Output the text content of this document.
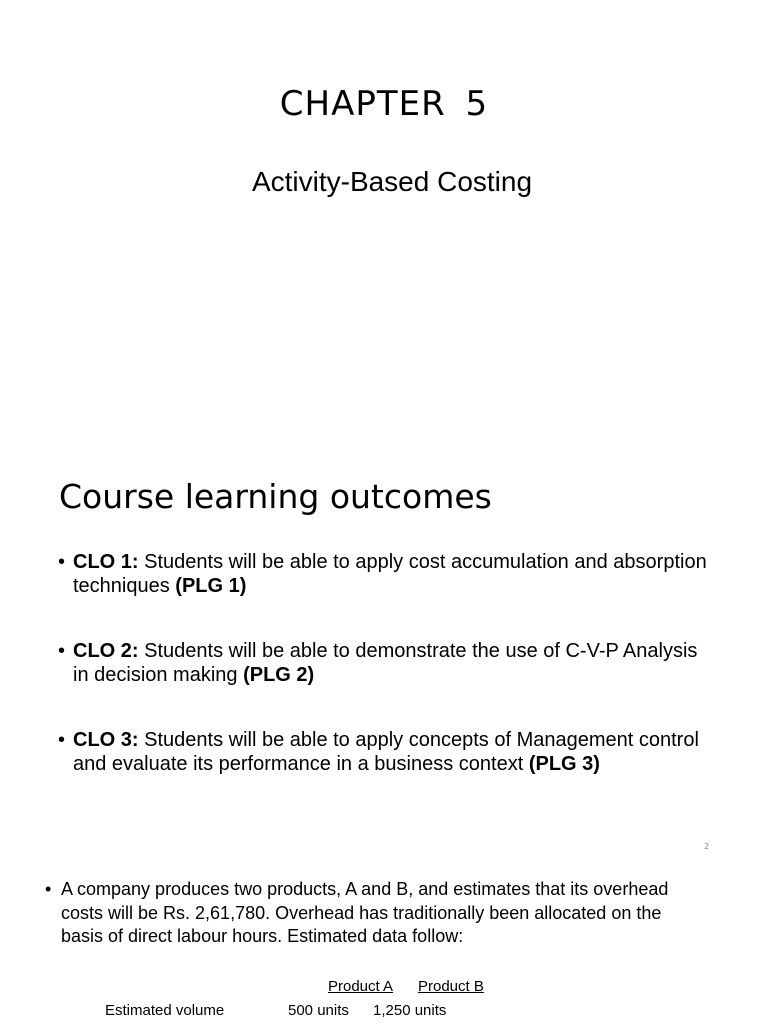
CHAPTER 5
Activity-Based Costing
Course learning outcomes
• CLO 1: Students will be able to apply cost accumulation and absorption techniques (PLG 1)
• CLO 2: Students will be able to demonstrate the use of C-V-P Analysis in decision making (PLG 2)
• CLO 3: Students will be able to apply concepts of Management control and evaluate its performance in a business context (PLG 3)
2
• A company produces two products, A and B, and estimates that its overhead costs will be Rs. 2,61,780. Overhead has traditionally been allocated on the basis of direct labour hours. Estimated data follow:
Product A Product B
Estimated volume	500 units 1,250 units
